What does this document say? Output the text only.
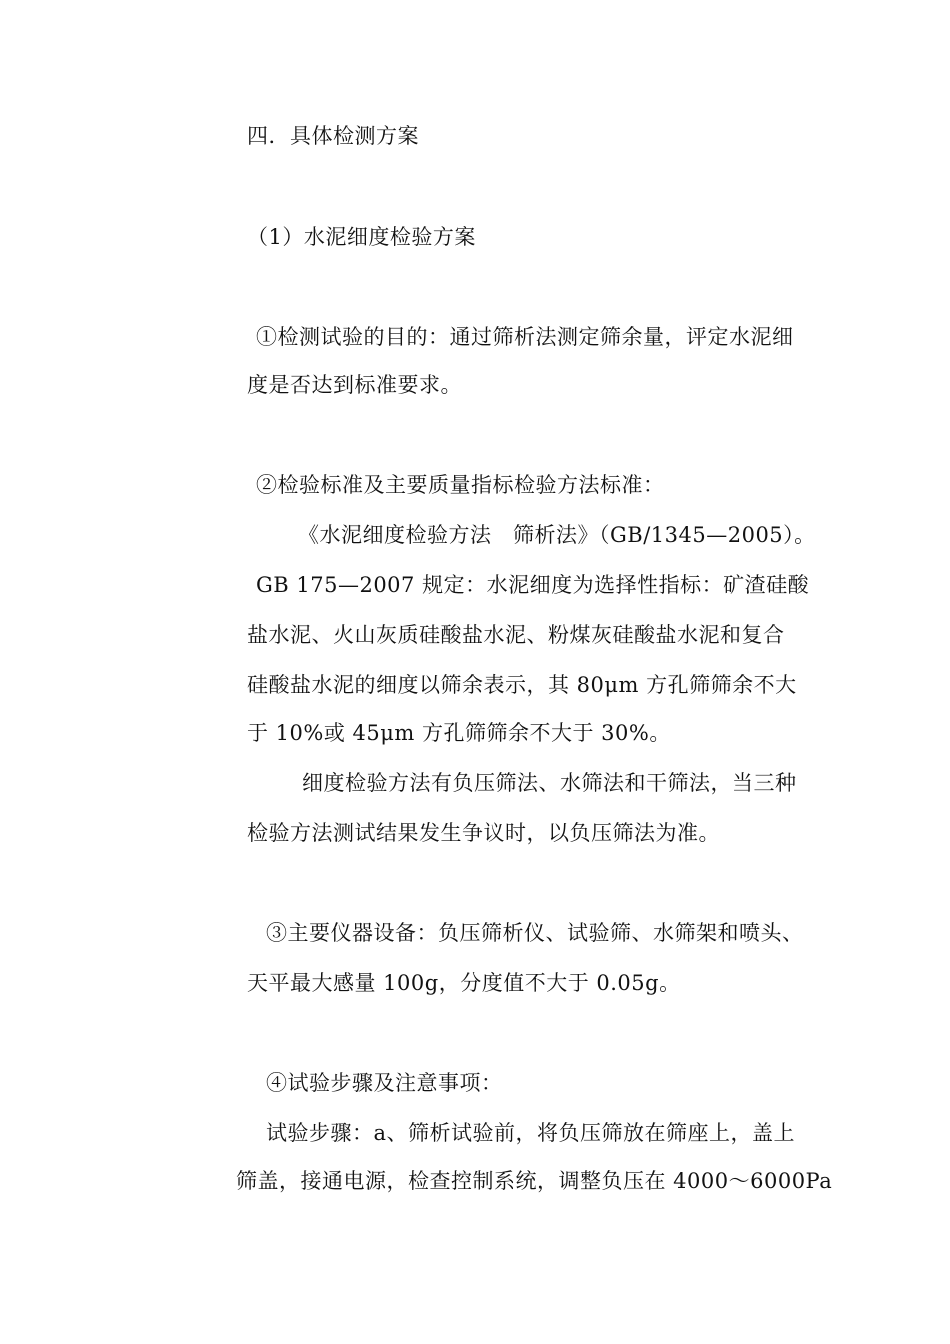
四．具体检测方案
（1）水泥细度检验方案
①检测试验的目的：通过筛析法测定筛余量，评定水泥细
度是否达到标准要求。
②检验标准及主要质量指标检验方法标准：
《水泥细度检验方法　筛析法》（GB/1345—2005）。
GB 175—2007 规定：水泥细度为选择性指标：矿渣硅酸
盐水泥、火山灰质硅酸盐水泥、粉煤灰硅酸盐水泥和复合
硅酸盐水泥的细度以筛余表示，其 80μm 方孔筛筛余不大
于 10%或 45μm 方孔筛筛余不大于 30%。
细度检验方法有负压筛法、水筛法和干筛法，当三种
检验方法测试结果发生争议时，以负压筛法为准。
③主要仪器设备：负压筛析仪、试验筛、水筛架和喷头、
天平最大感量 100g，分度值不大于 0.05g。
④试验步骤及注意事项：
试验步骤：a、筛析试验前，将负压筛放在筛座上，盖上
筛盖，接通电源，检查控制系统，调整负压在 4000～6000Pa
